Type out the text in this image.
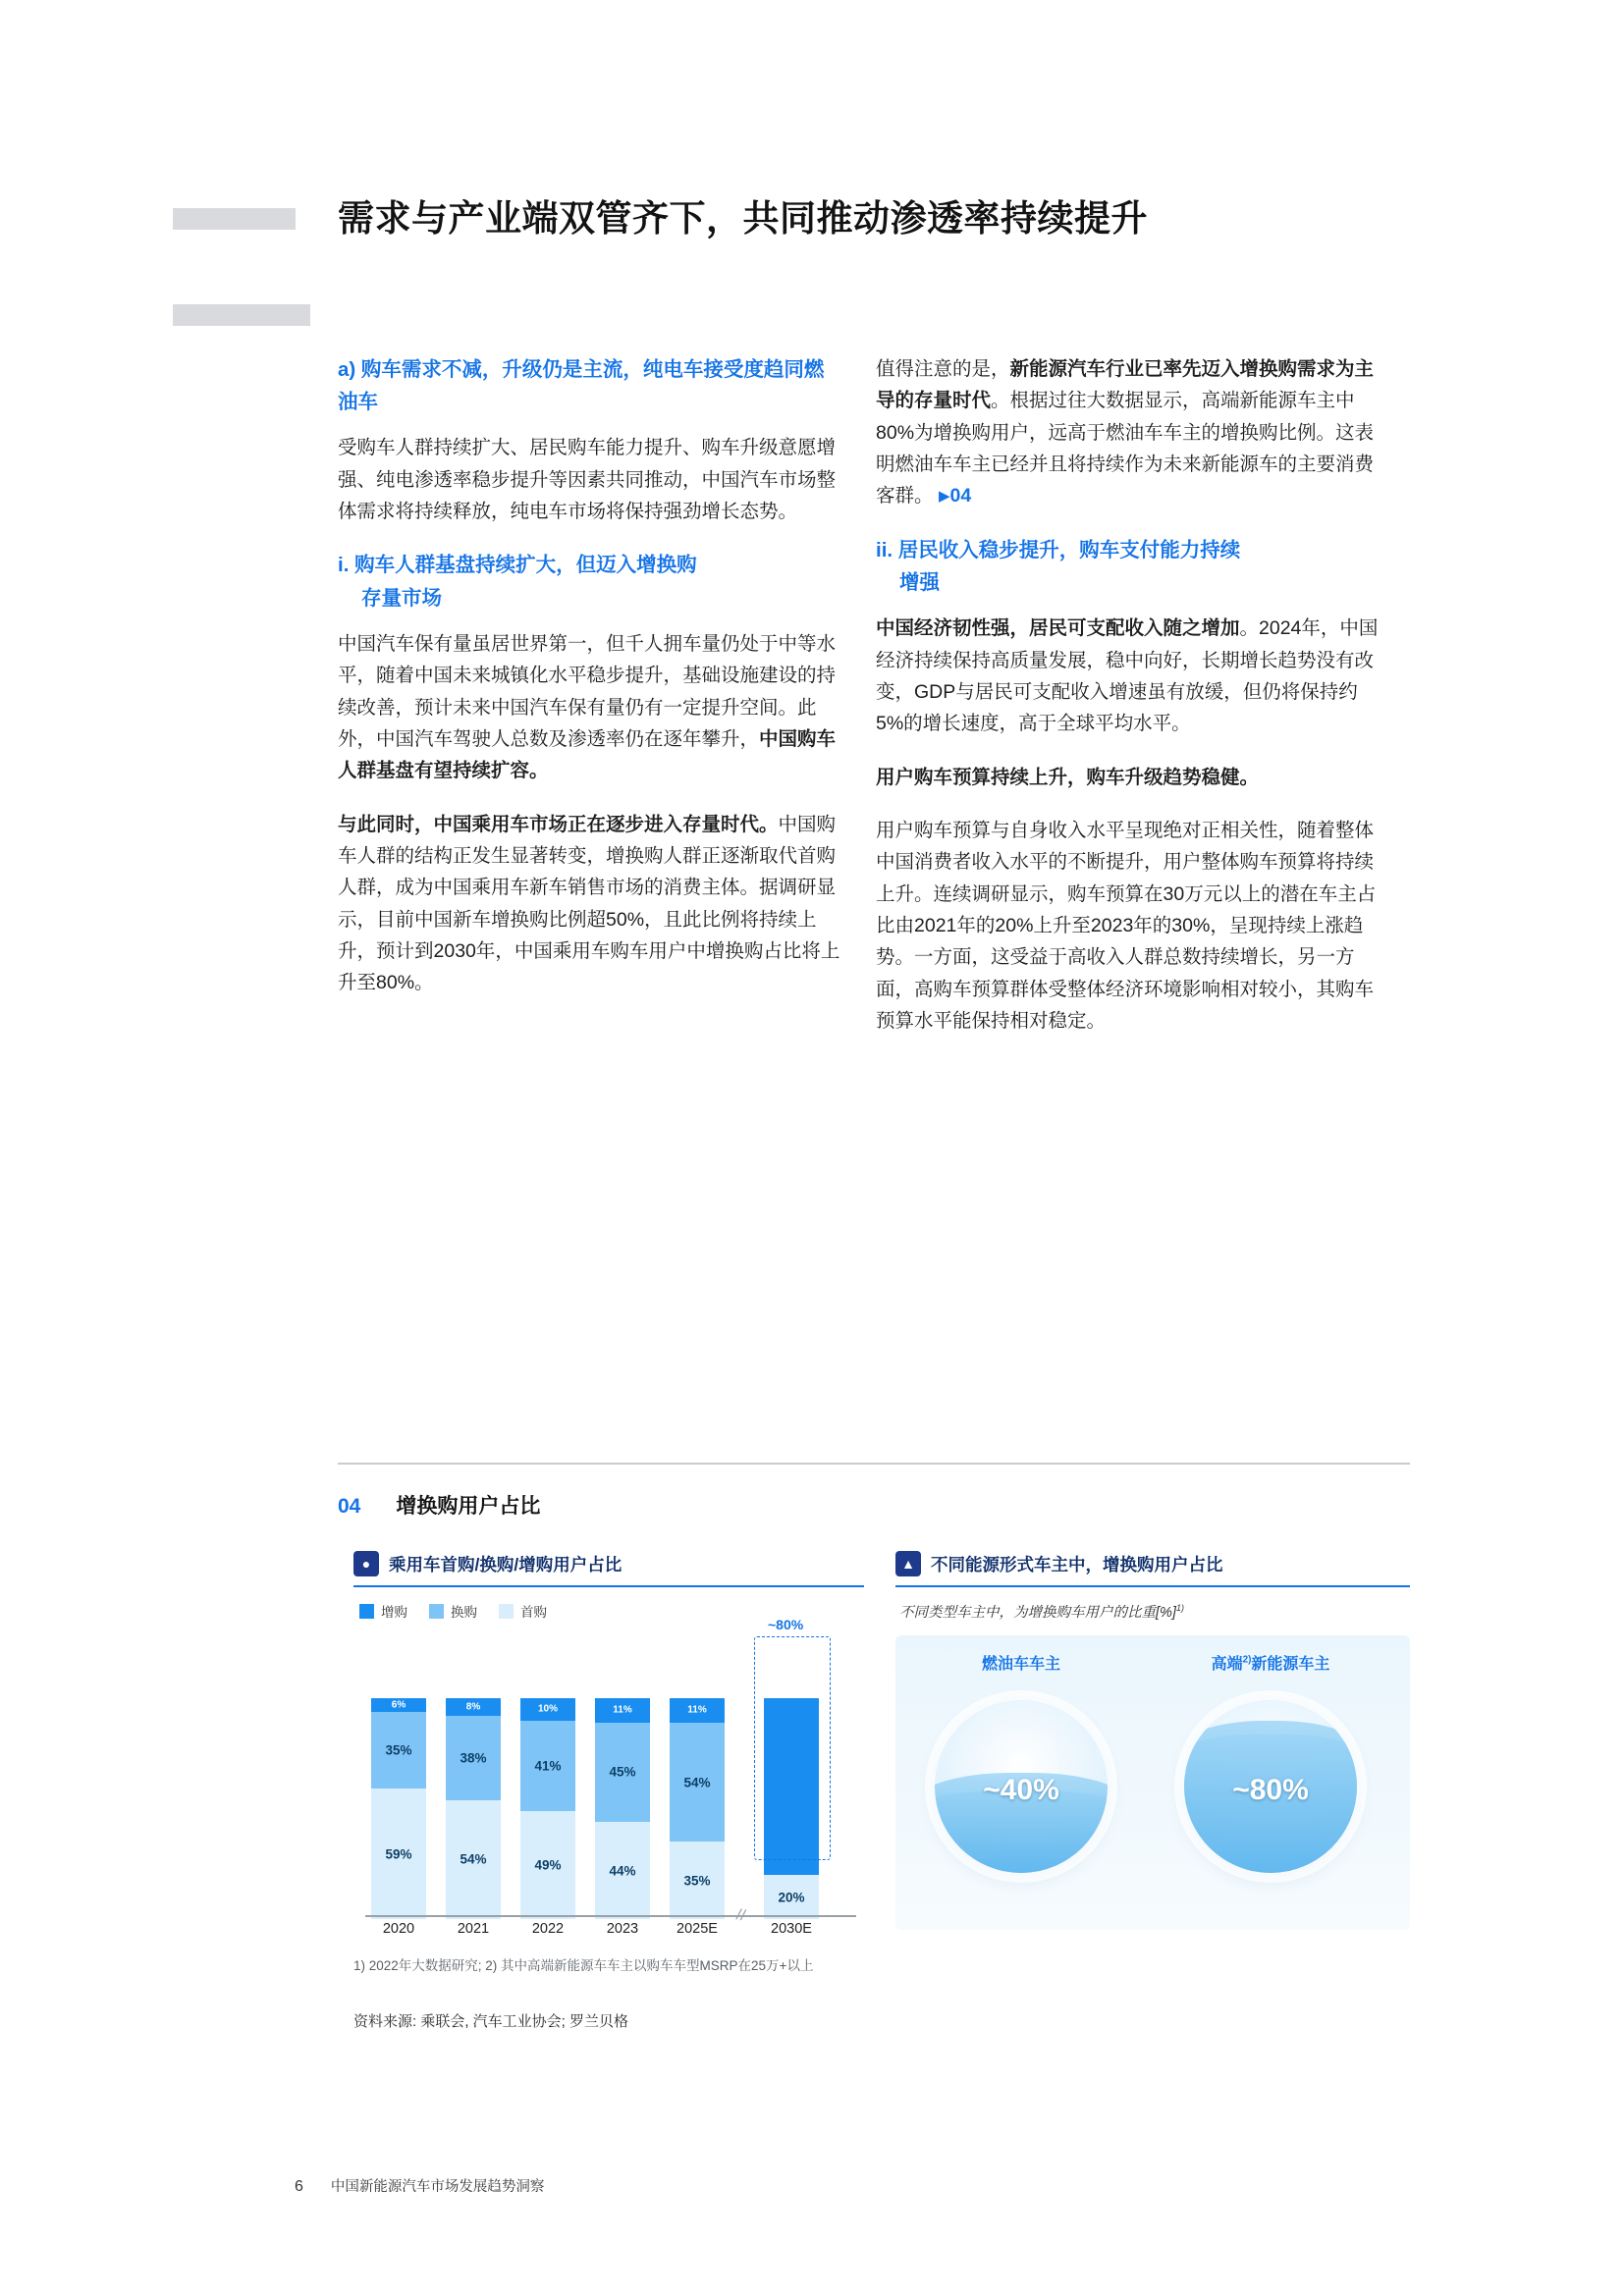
需求与产业端双管齐下，共同推动渗透率持续提升
a) 购车需求不减，升级仍是主流，纯电车接受度趋同燃油车

受购车人群持续扩大、居民购车能力提升、购车升级意愿增强、纯电渗透率稳步提升等因素共同推动，中国汽车市场整体需求将持续释放，纯电车市场将保持强劲增长态势。

i. 购车人群基盘持续扩大，但迈入增换购
存量市场

中国汽车保有量虽居世界第一，但千人拥车量仍处于中等水平，随着中国未来城镇化水平稳步提升，基础设施建设的持续改善，预计未来中国汽车保有量仍有一定提升空间。此外，中国汽车驾驶人总数及渗透率仍在逐年攀升，中国购车人群基盘有望持续扩容。

与此同时，中国乘用车市场正在逐步进入存量时代。中国购车人群的结构正发生显著转变，增换购人群正逐渐取代首购人群，成为中国乘用车新车销售市场的消费主体。据调研显示，目前中国新车增换购比例超50%，且此比例将持续上升，预计到2030年，中国乘用车购车用户中增换购占比将上升至80%。

值得注意的是，新能源汽车行业已率先迈入增换购需求为主导的存量时代。根据过往大数据显示，高端新能源车主中80%为增换购用户，远高于燃油车车主的增换购比例。这表明燃油车车主已经并且将持续作为未来新能源车的主要消费客群。 ▶04

ii. 居民收入稳步提升，购车支付能力持续
增强

中国经济韧性强，居民可支配收入随之增加。2024年，中国经济持续保持高质量发展，稳中向好，长期增长趋势没有改变，GDP与居民可支配收入增速虽有放缓，但仍将保持约5%的增长速度，高于全球平均水平。

用户购车预算持续上升，购车升级趋势稳健。

用户购车预算与自身收入水平呈现绝对正相关性，随着整体中国消费者收入水平的不断提升，用户整体购车预算将持续上升。连续调研显示，购车预算在30万元以上的潜在车主占比由2021年的20%上升至2023年的30%，呈现持续上涨趋势。一方面，这受益于高收入人群总数持续增长，另一方面，高购车预算群体受整体经济环境影响相对较小，其购车预算水平能保持相对稳定。

04 增换购用户占比
●	乘用车首购/换购/增购用户占比
增购	换购	首购
6%
35%
59%
8%
38%
54%
10%
41%
49%
11%
45%
44%
11%
54%
35%
20%
~80%
//
2020	2021	2022	2023	2025E	2030E
▲ 不同能源形式车主中，增换购用户占比
不同类型车主中，为增换购车用户的比重[%]$^{1)}$
燃油车车主	高端$^{2)}$新能源车主
~40%	~80%
1) 2022年大数据研究; 2) 其中高端新能源车车主以购车车型MSRP在25万+以上
资料来源: 乘联会, 汽车工业协会; 罗兰贝格
6 中国新能源汽车市场发展趋势洞察
